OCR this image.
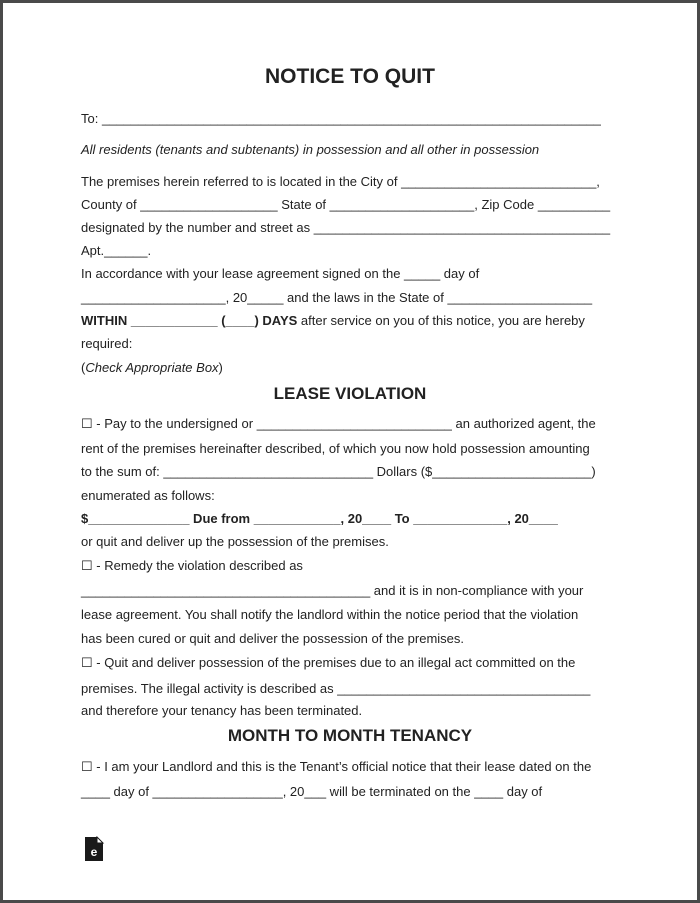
NOTICE TO QUIT
To: _____________________________________________________________________
All residents (tenants and subtenants) in possession and all other in possession
The premises herein referred to is located in the City of ___________________________,
County of ___________________ State of ____________________, Zip Code __________
designated by the number and street as _________________________________________
Apt.______.
In accordance with your lease agreement signed on the _____ day of
____________________, 20_____ and the laws in the State of ____________________
WITHIN ____________ (____) DAYS after service on you of this notice, you are hereby
required:
(Check Appropriate Box)
LEASE VIOLATION
☐ - Pay to the undersigned or ___________________________ an authorized agent, the
rent of the premises hereinafter described, of which you now hold possession amounting
to the sum of: _____________________________ Dollars ($______________________)
enumerated as follows:
$______________ Due from ____________, 20____ To _____________, 20____
or quit and deliver up the possession of the premises.
☐ - Remedy the violation described as
________________________________________ and it is in non-compliance with your
lease agreement. You shall notify the landlord within the notice period that the violation
has been cured or quit and deliver the possession of the premises.
☐ - Quit and deliver possession of the premises due to an illegal act committed on the
premises. The illegal activity is described as ___________________________________
and therefore your tenancy has been terminated.
MONTH TO MONTH TENANCY
☐ - I am your Landlord and this is the Tenant’s official notice that their lease dated on the
____ day of __________________, 20___ will be terminated on the ____ day of
e
